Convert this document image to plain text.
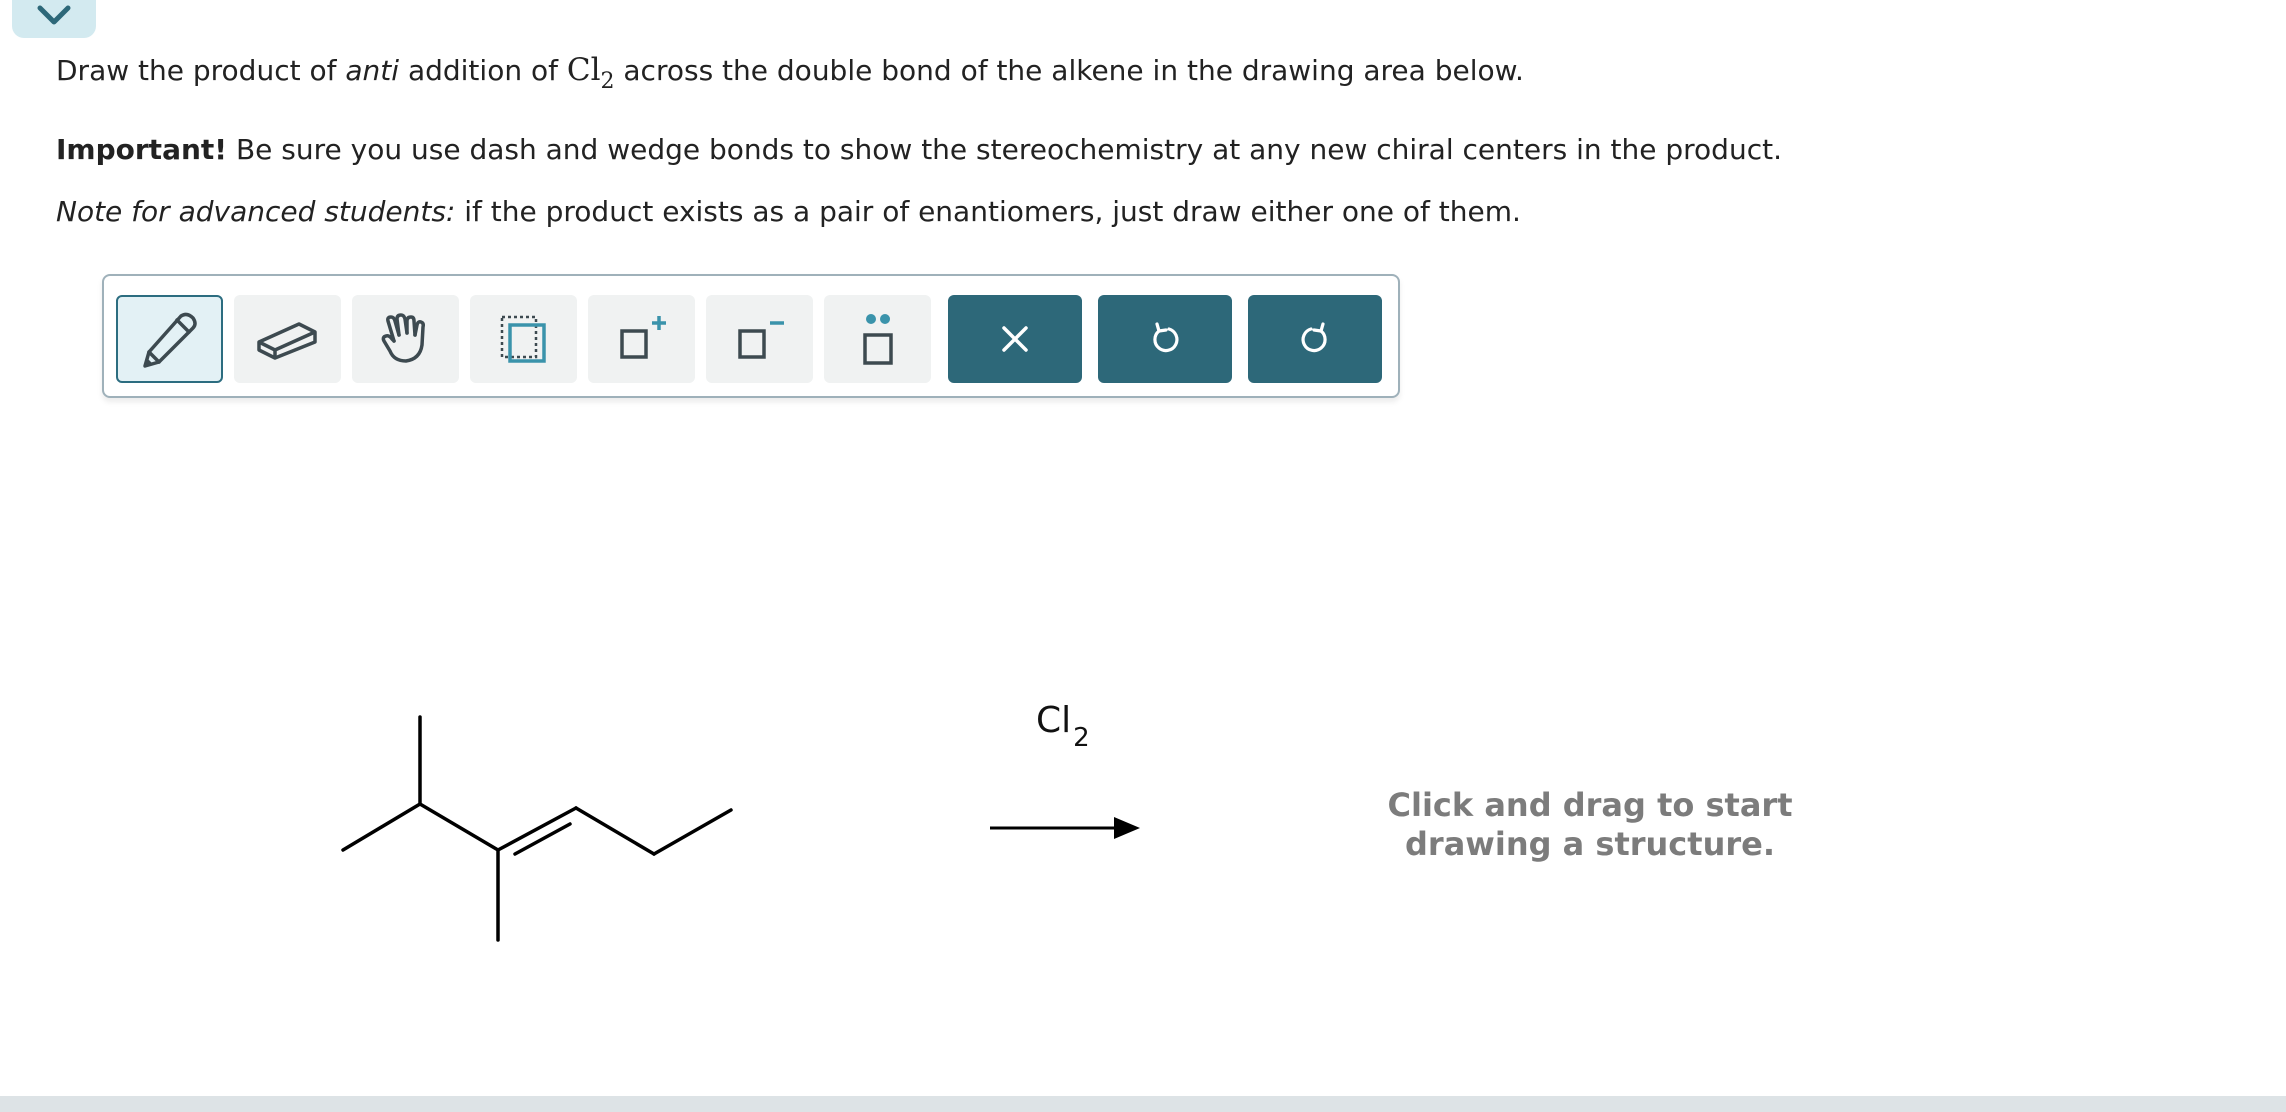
Draw the product of anti addition of $Cl_2$ across the double bond of the alkene in the drawing area below.

Important! Be sure you use dash and wedge bonds to show the stereochemistry at any new chiral centers in the product.

Note for advanced students: if the product exists as a pair of enantiomers, just draw either one of them.

$Cl_2$
Click and drag to start
drawing a structure.
